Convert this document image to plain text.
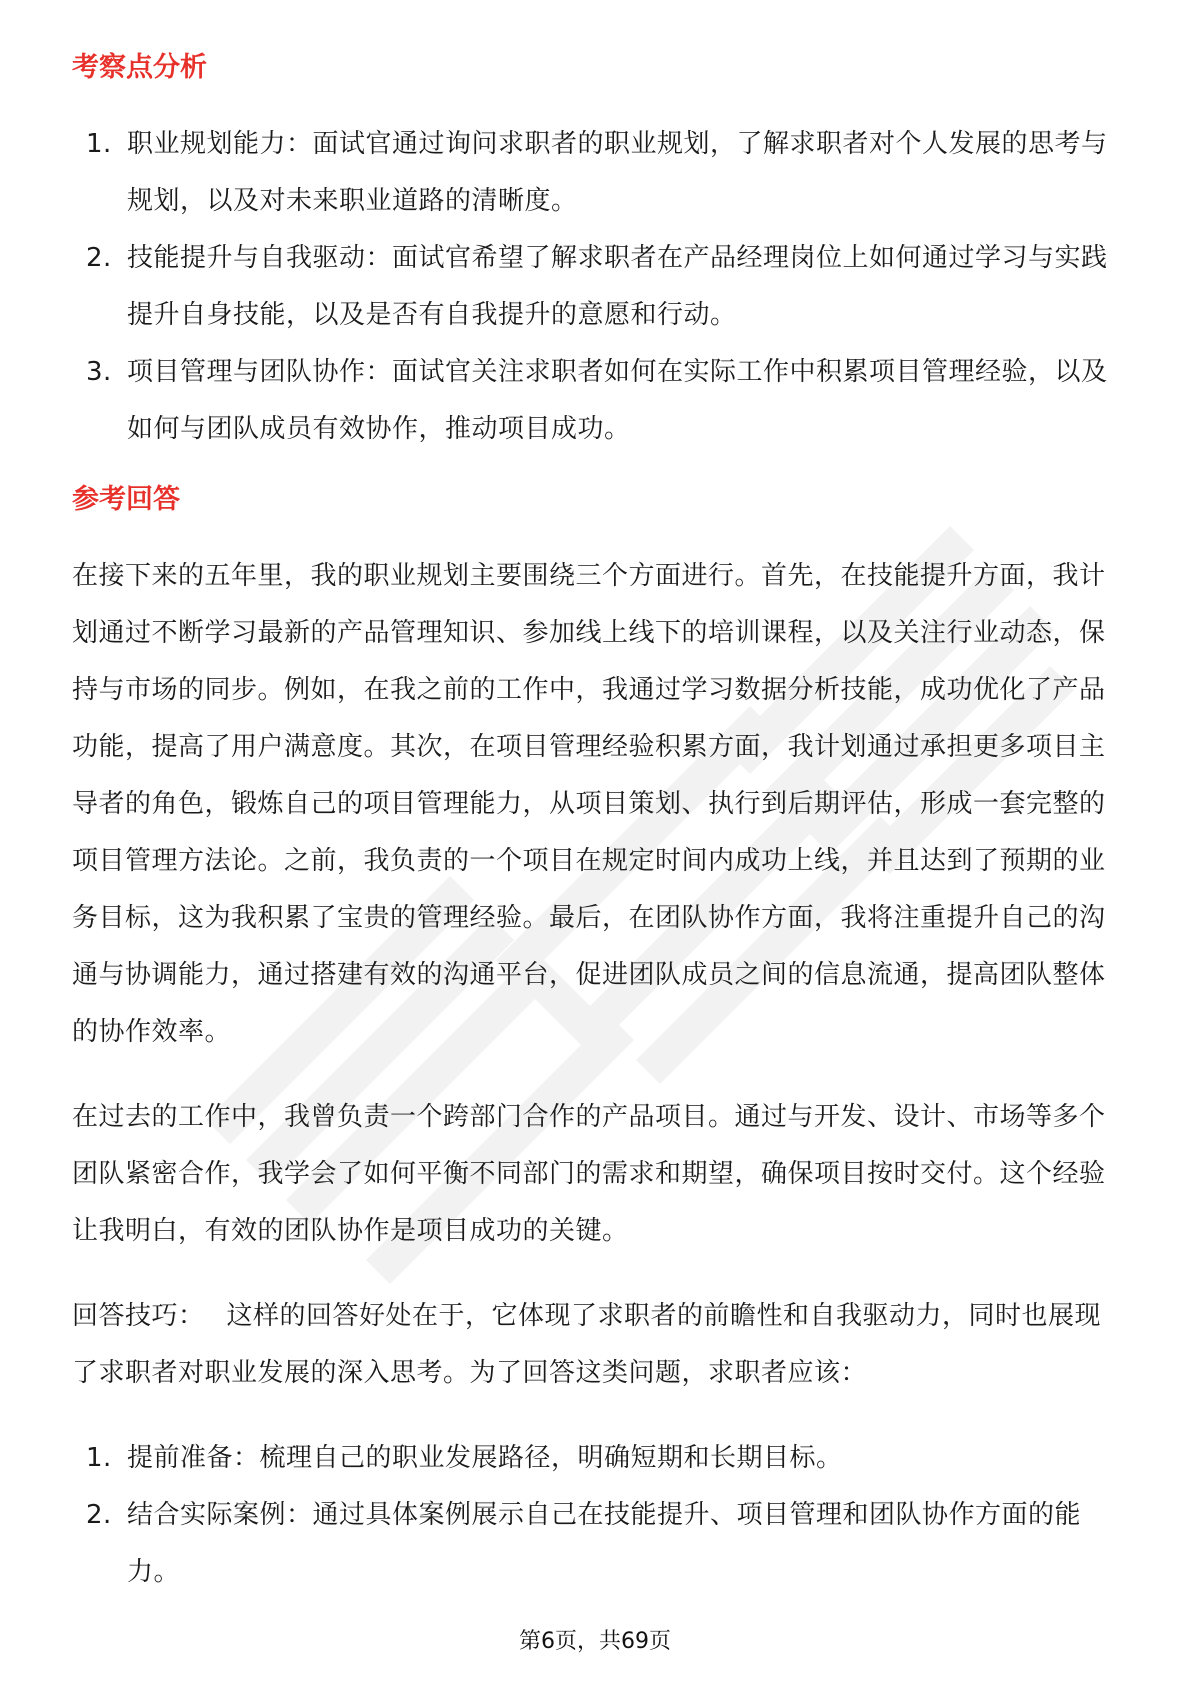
考察点分析
1. 职业规划能力：面试官通过询问求职者的职业规划，了解求职者对个人发展的思考与规划，以及对未来职业道路的清晰度。
2. 技能提升与自我驱动：面试官希望了解求职者在产品经理岗位上如何通过学习与实践提升自身技能，以及是否有自我提升的意愿和行动。
3. 项目管理与团队协作：面试官关注求职者如何在实际工作中积累项目管理经验，以及如何与团队成员有效协作，推动项目成功。
参考回答

在接下来的五年里，我的职业规划主要围绕三个方面进行。首先，在技能提升方面，我计划通过不断学习最新的产品管理知识、参加线上线下的培训课程，以及关注行业动态，保持与市场的同步。例如，在我之前的工作中，我通过学习数据分析技能，成功优化了产品功能，提高了用户满意度。其次，在项目管理经验积累方面，我计划通过承担更多项目主导者的角色，锻炼自己的项目管理能力，从项目策划、执行到后期评估，形成一套完整的项目管理方法论。之前，我负责的一个项目在规定时间内成功上线，并且达到了预期的业务目标，这为我积累了宝贵的管理经验。最后，在团队协作方面，我将注重提升自己的沟通与协调能力，通过搭建有效的沟通平台，促进团队成员之间的信息流通，提高团队整体的协作效率。

在过去的工作中，我曾负责一个跨部门合作的产品项目。通过与开发、设计、市场等多个团队紧密合作，我学会了如何平衡不同部门的需求和期望，确保项目按时交付。这个经验让我明白，有效的团队协作是项目成功的关键。

回答技巧： 这样的回答好处在于，它体现了求职者的前瞻性和自我驱动力，同时也展现了求职者对职业发展的深入思考。为了回答这类问题，求职者应该：

1. 提前准备：梳理自己的职业发展路径，明确短期和长期目标。
2. 结合实际案例：通过具体案例展示自己在技能提升、项目管理和团队协作方面的能力。
第6页，共69页
